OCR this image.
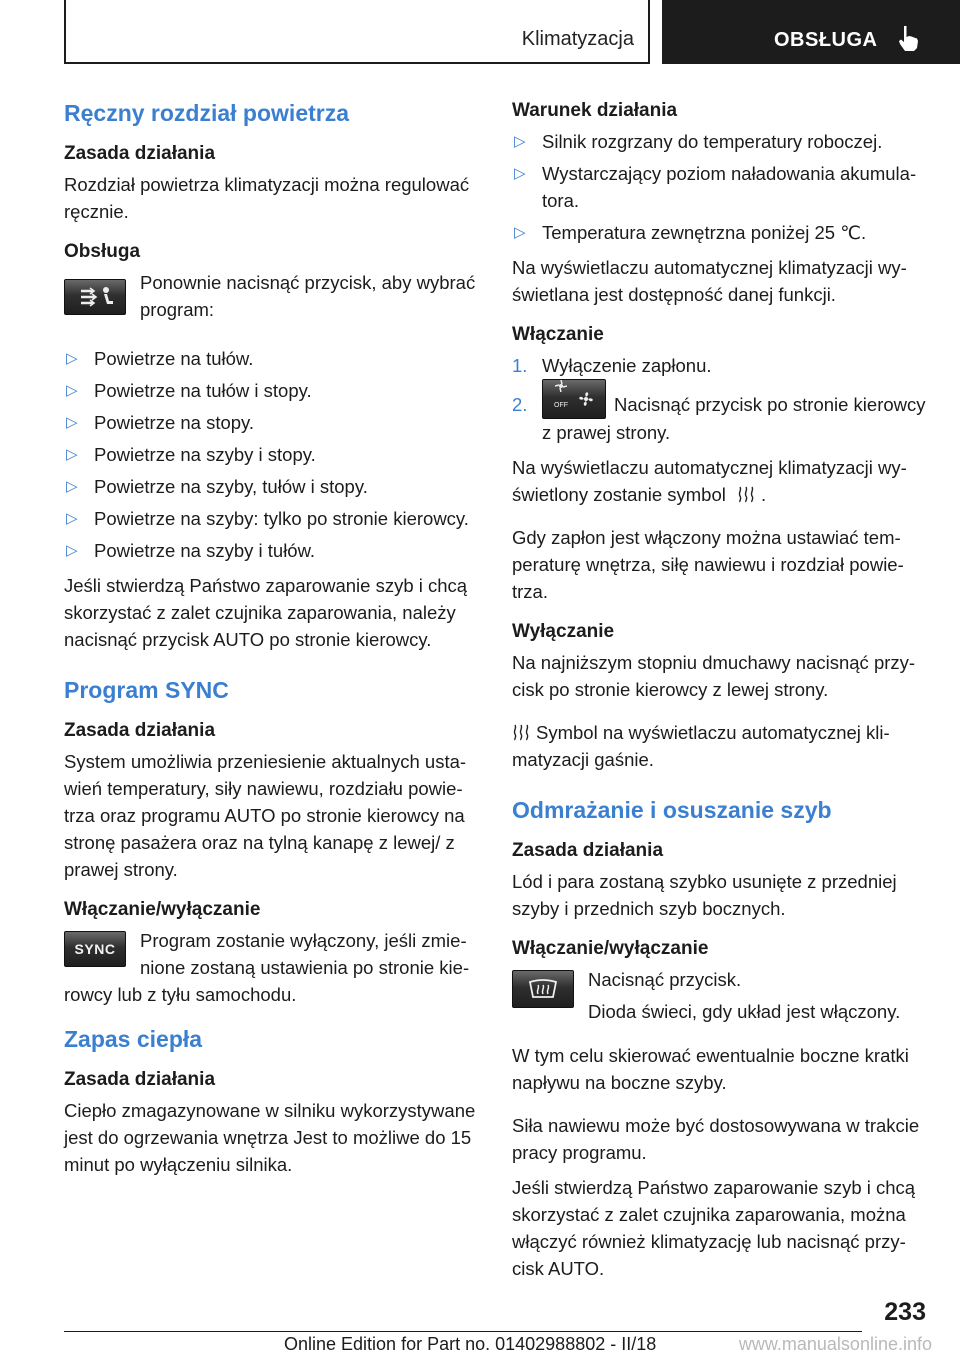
Klimatyzacja	OBSŁUGA
Ręczny rozdział powietrza
Zasada działania

Rozdział powietrza klimatyzacji można regulować ręcznie.

Obsługa
Ponownie nacisnąć przycisk, aby wybrać program:
▷ Powietrze na tułów.
▷ Powietrze na tułów i stopy.
▷ Powietrze na stopy.
▷ Powietrze na szyby i stopy.
▷ Powietrze na szyby, tułów i stopy.
▷ Powietrze na szyby: tylko po stronie kierowcy.
▷ Powietrze na szyby i tułów.

Jeśli stwierdzą Państwo zaparowanie szyb i chcą skorzystać z zalet czujnika zaparowania, należy nacisnąć przycisk AUTO po stronie kierowcy.

Program SYNC
Zasada działania

System umożliwia przeniesienie aktualnych ustawień temperatury, siły nawiewu, rozdziału powietrza oraz programu AUTO po stronie kierowcy na stronę pasażera oraz na tylną kanapę z lewej/ z prawej strony.

Włączanie/wyłączanie
SYNC	Program zostanie wyłączony, jeśli zmienione zostaną ustawienia po stronie kierowcy lub z tyłu samochodu.
Zapas ciepła
Zasada działania

Ciepło zmagazynowane w silniku wykorzystywane jest do ogrzewania wnętrza Jest to możliwe do 15 minut po wyłączeniu silnika.

Warunek działania
▷ Silnik rozgrzany do temperatury roboczej.
▷ Wystarczający poziom naładowania akumulatora.
▷ Temperatura zewnętrzna poniżej 25 ℃.

Na wyświetlaczu automatycznej klimatyzacji wyświetlana jest dostępność danej funkcji.

Włączanie
1. Wyłączenie zapłonu.
2.	OFF Nacisnąć przycisk po stronie kierowcy z prawej strony.

Na wyświetlaczu automatycznej klimatyzacji wyświetlony zostanie symbol .

Gdy zapłon jest włączony można ustawiać temperaturę wnętrza, siłę nawiewu i rozdział powietrza.

Wyłączanie

Na najniższym stopniu dmuchawy nacisnąć przycisk po stronie kierowcy z lewej strony.

Symbol na wyświetlaczu automatycznej klimatyzacji gaśnie.

Odmrażanie i osuszanie szyb
Zasada działania

Lód i para zostaną szybko usunięte z przedniej szyby i przednich szyb bocznych.

Włączanie/wyłączanie
Nacisnąć przycisk.
Dioda świeci, gdy układ jest włączony.

W tym celu skierować ewentualnie boczne kratki napływu na boczne szyby.

Siła nawiewu może być dostosowywana w trakcie pracy programu.

Jeśli stwierdzą Państwo zaparowanie szyb i chcą skorzystać z zalet czujnika zaparowania, można włączyć również klimatyzację lub nacisnąć przycisk AUTO.

233
Online Edition for Part no. 01402988802 - II/18	www.manualsonline.info
